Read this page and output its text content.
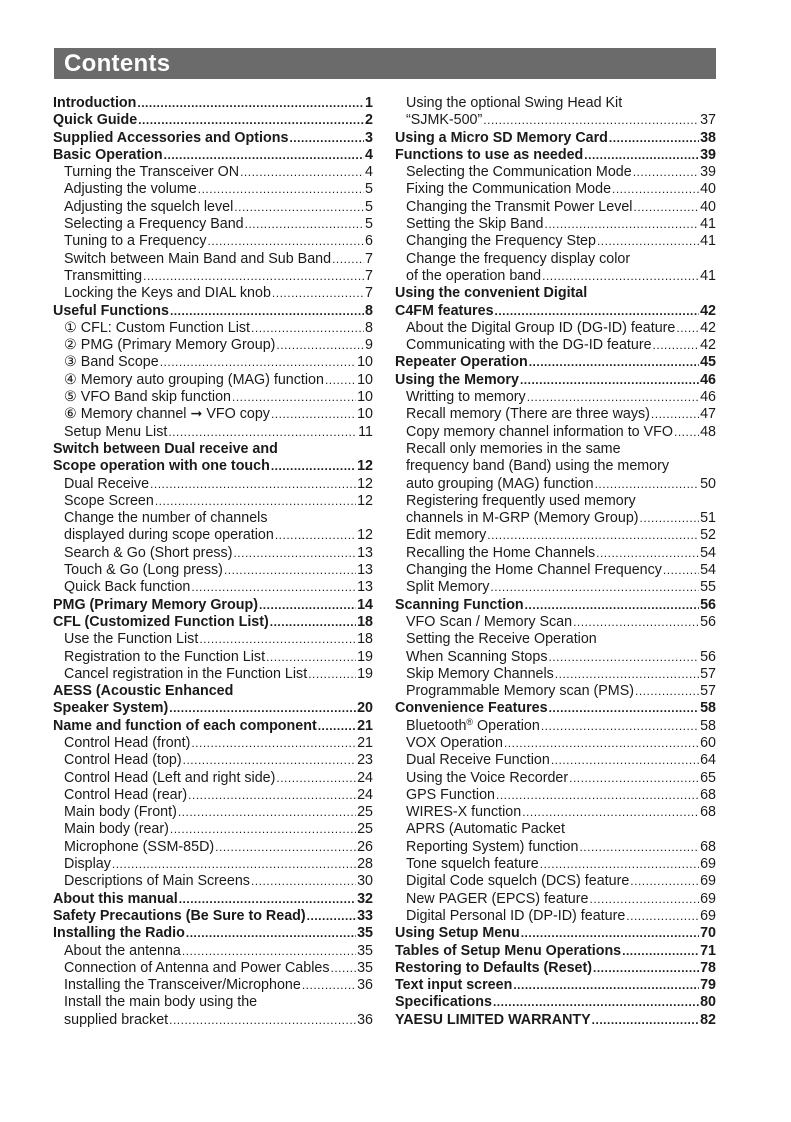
Contents
Introduction .....	1
Quick Guide .....	2
Supplied Accessories and Options .....	3
Basic Operation .....	4
Turning the Transceiver ON .....	4
Adjusting the volume .....	5
Adjusting the squelch level .....	5
Selecting a Frequency Band .....	5
Tuning to a Frequency .....	6
Switch between Main Band and Sub Band ..... 7
Transmitting .....	7
Locking the Keys and DIAL knob .....	7
Useful Functions .....	8
① CFL: Custom Function List .....	8
② PMG (Primary Memory Group) .....	9
③ Band Scope .....	10
④ Memory auto grouping (MAG) function ..... 10
⑤ VFO Band skip function .....	10
⑥ Memory channel ➞ VFO copy .....	10
Setup Menu List .....	11
Switch between Dual receive and
Scope operation with one touch .....	12
Dual Receive .....	12
Scope Screen .....	12
Change the number of channels
displayed during scope operation .....	12
Search & Go (Short press) .....	13
Touch & Go (Long press) .....	13
Quick Back function .....	13
PMG (Primary Memory Group) .....	14
CFL (Customized Function List) .....	18
Use the Function List .....	18
Registration to the Function List .....	19
Cancel registration in the Function List .....	19
AESS (Acoustic Enhanced
Speaker System) .....	20
Name and function of each component .....	21
Control Head (front) .....	21
Control Head (top) .....	23
Control Head (Left and right side) .....	24
Control Head (rear) .....	24
Main body (Front) .....	25
Main body (rear) .....	25
Microphone (SSM-85D) .....	26
Display .....	28
Descriptions of Main Screens .....	30
About this manual .....	32
Safety Precautions (Be Sure to Read) .....	33
Installing the Radio .....	35
About the antenna .....	35
Connection of Antenna and Power Cables ..... 35
Installing the Transceiver/Microphone .....	36
Install the main body using the
supplied bracket .....	36
Using the optional Swing Head Kit
“SJMK-500” .....	37
Using a Micro SD Memory Card .....	38
Functions to use as needed .....	39
Selecting the Communication Mode .....	39
Fixing the Communication Mode .....	40
Changing the Transmit Power Level .....	40
Setting the Skip Band .....	41
Changing the Frequency Step .....	41
Change the frequency display color
of the operation band .....	41
Using the convenient Digital
C4FM features .....	42
About the Digital Group ID (DG-ID) feature ..... 42
Communicating with the DG-ID feature .....	42
Repeater Operation .....	45
Using the Memory .....	46
Writting to memory .....	46
Recall memory (There are three ways) .....	47
Copy memory channel information to VFO ..... 48
Recall only memories in the same
frequency band (Band) using the memory
auto grouping (MAG) function .....	50
Registering frequently used memory
channels in M-GRP (Memory Group) .....	51
Edit memory .....	52
Recalling the Home Channels .....	54
Changing the Home Channel Frequency .....	54
Split Memory .....	55
Scanning Function .....	56
VFO Scan / Memory Scan .....	56
Setting the Receive Operation
When Scanning Stops .....	56
Skip Memory Channels .....	57
Programmable Memory scan (PMS) .....	57
Convenience Features .....	58
Bluetooth® Operation .....	58
VOX Operation .....	60
Dual Receive Function .....	64
Using the Voice Recorder .....	65
GPS Function .....	68
WIRES-X function .....	68
APRS (Automatic Packet
Reporting System) function .....	68
Tone squelch feature .....	69
Digital Code squelch (DCS) feature .....	69
New PAGER (EPCS) feature .....	69
Digital Personal ID (DP-ID) feature .....	69
Using Setup Menu .....	70
Tables of Setup Menu Operations .....	71
Restoring to Defaults (Reset) .....	78
Text input screen .....	79
Specifications .....	80
YAESU LIMITED WARRANTY .....	82
